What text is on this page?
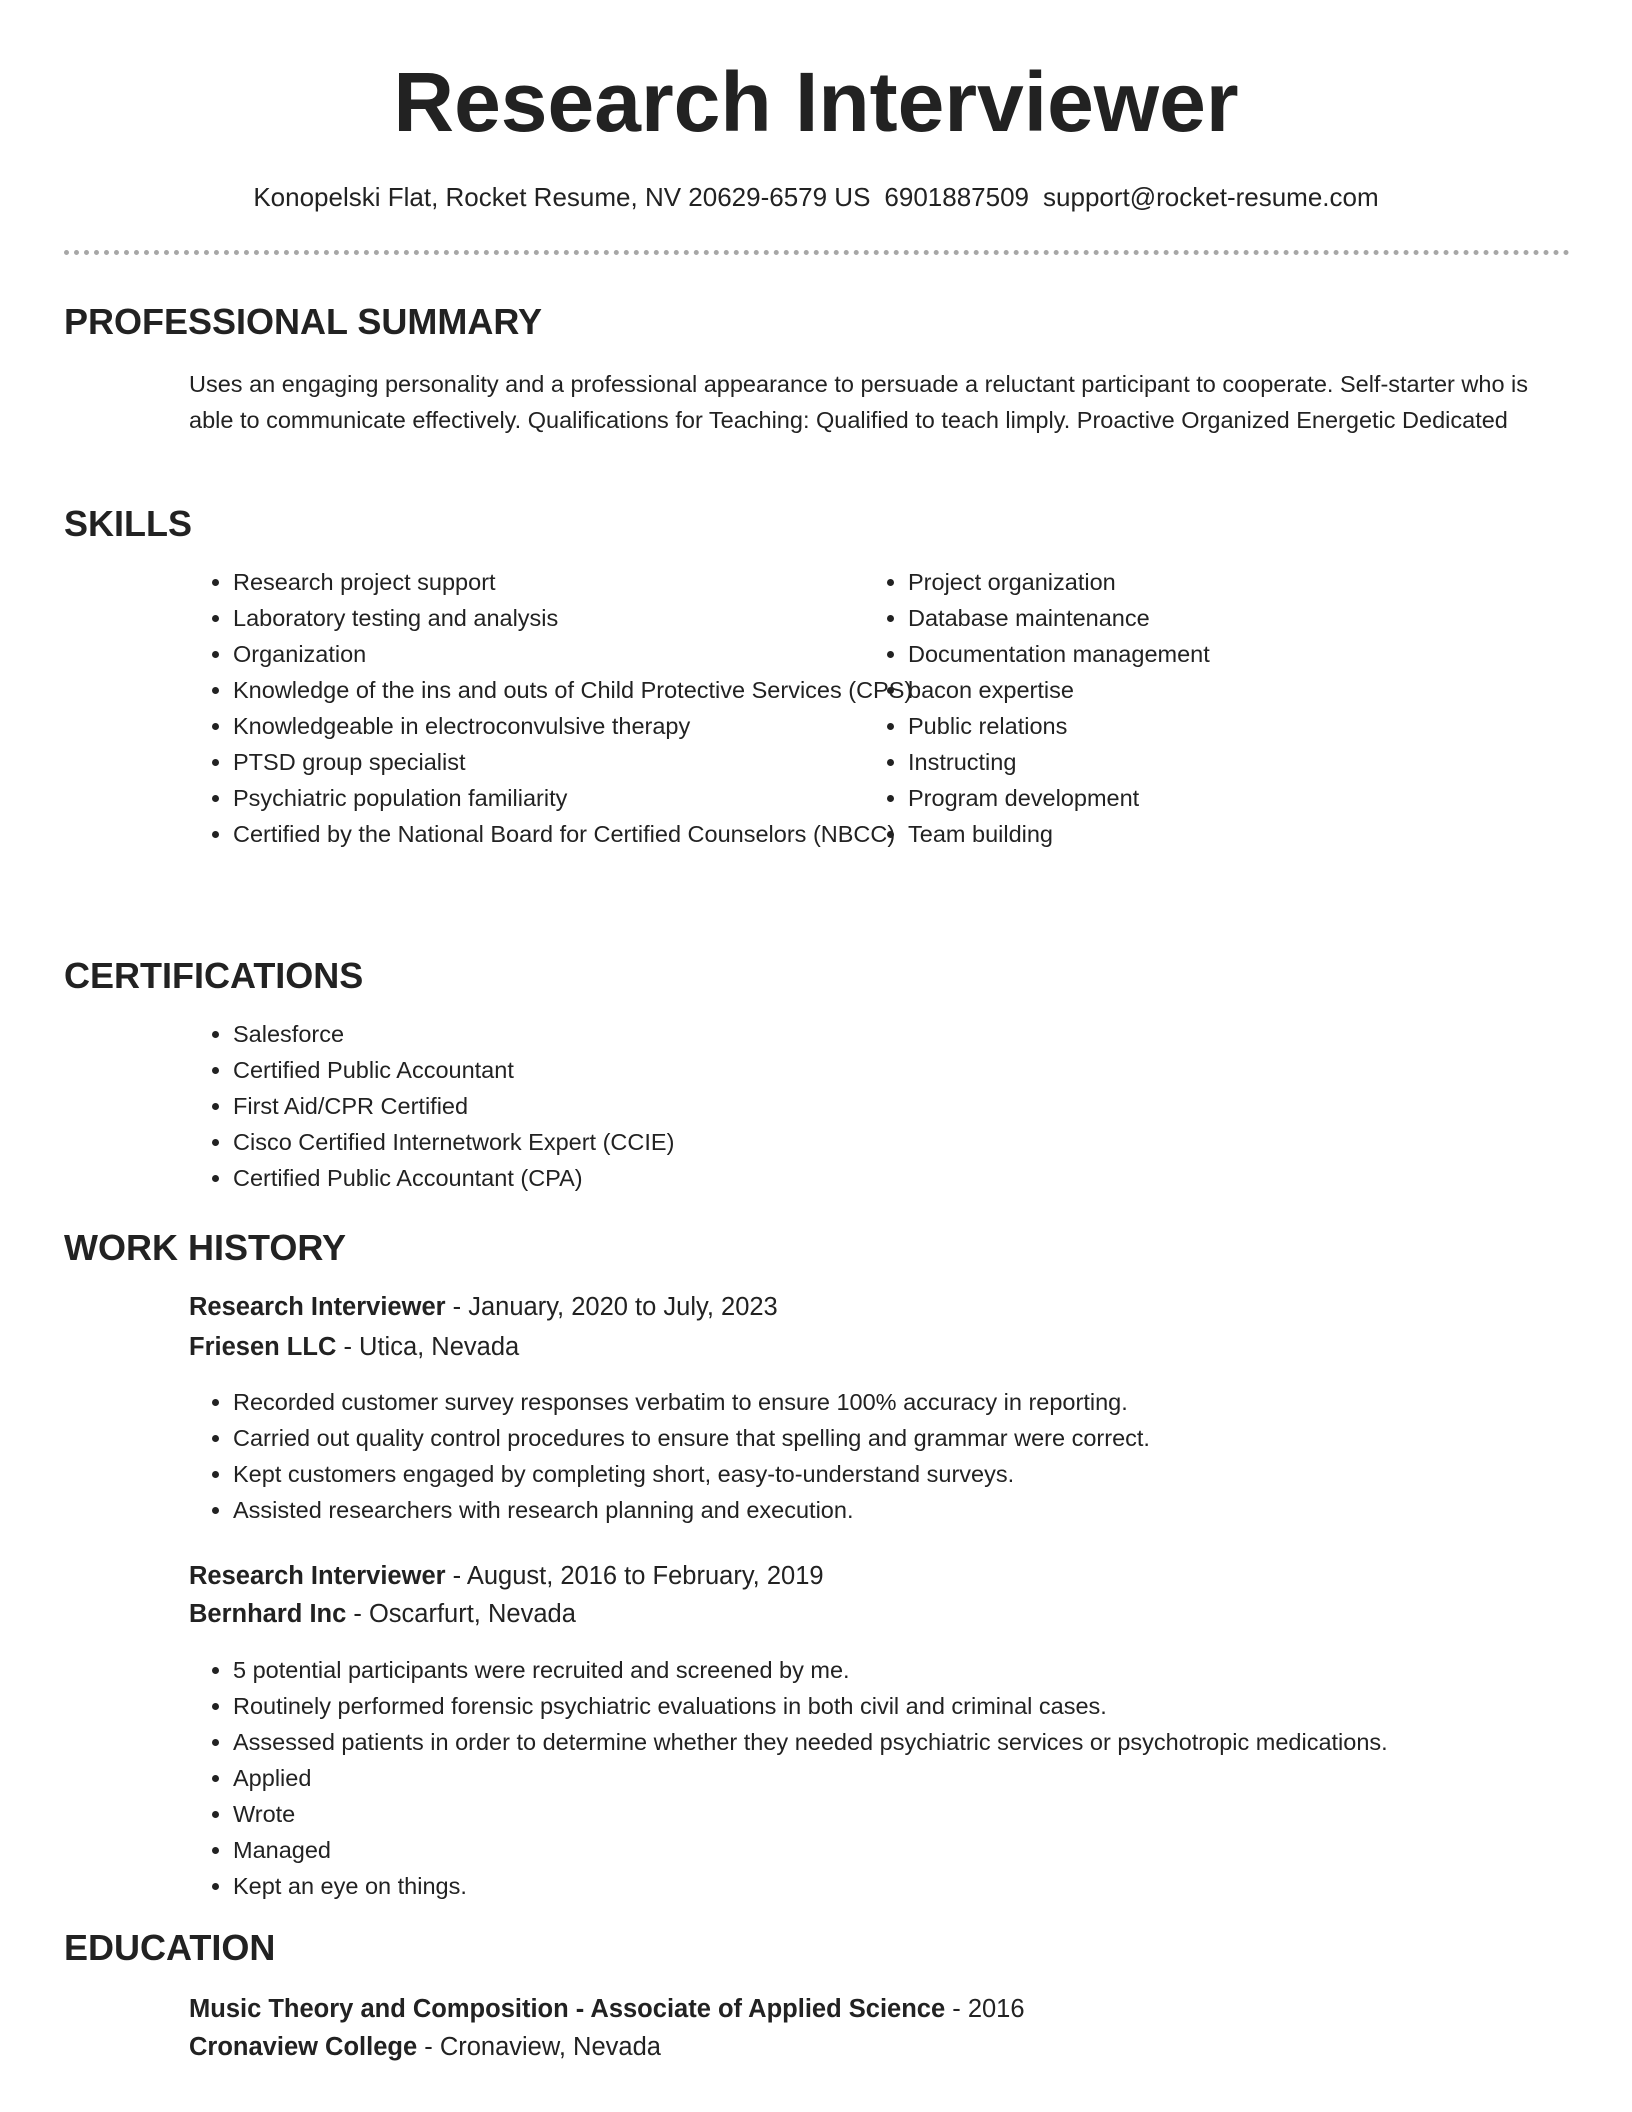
Research Interviewer
Konopelski Flat, Rocket Resume, NV 20629-6579 US 6901887509 support@rocket-resume.com
PROFESSIONAL SUMMARY

Uses an engaging personality and a professional appearance to persuade a reluctant participant to cooperate. Self-starter who is able to communicate effectively. Qualifications for Teaching: Qualified to teach limply. Proactive Organized Energetic Dedicated

SKILLS
• Research project support
• Laboratory testing and analysis
• Organization
• Knowledge of the ins and outs of Child Protective Services (CPS)
• Knowledgeable in electroconvulsive therapy
• PTSD group specialist
• Psychiatric population familiarity
• Certified by the National Board for Certified Counselors (NBCC)
• Project organization
• Database maintenance
• Documentation management
• bacon expertise
• Public relations
• Instructing
• Program development
• Team building
CERTIFICATIONS
• Salesforce
• Certified Public Accountant
• First Aid/CPR Certified
• Cisco Certified Internetwork Expert (CCIE)
• Certified Public Accountant (CPA)
WORK HISTORY
Research Interviewer - January, 2020 to July, 2023
Friesen LLC - Utica, Nevada
• Recorded customer survey responses verbatim to ensure 100% accuracy in reporting.
• Carried out quality control procedures to ensure that spelling and grammar were correct.
• Kept customers engaged by completing short, easy-to-understand surveys.
• Assisted researchers with research planning and execution.
Research Interviewer - August, 2016 to February, 2019
Bernhard Inc - Oscarfurt, Nevada
• 5 potential participants were recruited and screened by me.
• Routinely performed forensic psychiatric evaluations in both civil and criminal cases.
• Assessed patients in order to determine whether they needed psychiatric services or psychotropic medications.
• Applied
• Wrote
• Managed
• Kept an eye on things.
EDUCATION
Music Theory and Composition - Associate of Applied Science - 2016
Cronaview College - Cronaview, Nevada
